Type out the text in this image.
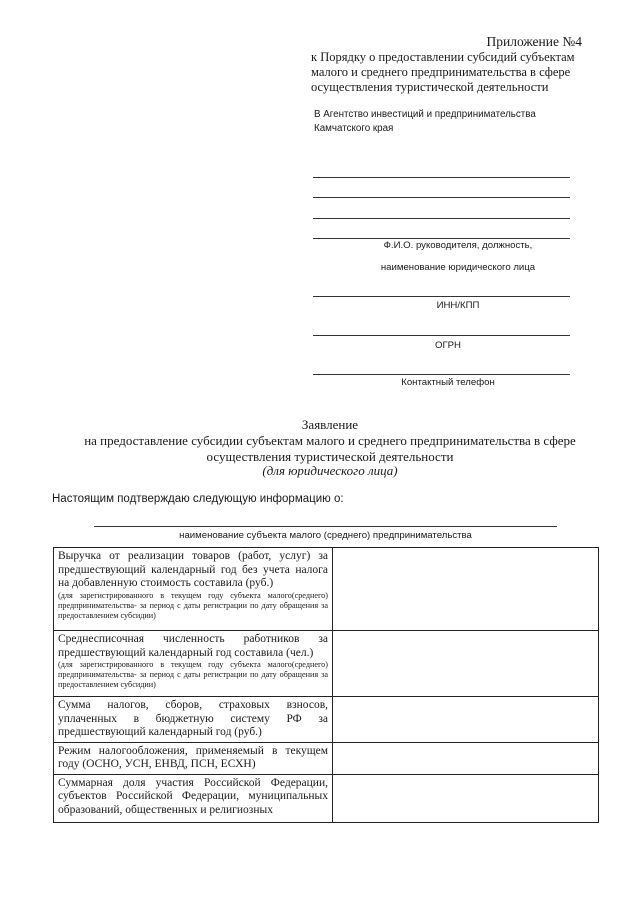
Приложение №4
к Порядку о предоставлении субсидий субъектам малого и среднего предпринимательства в сфере осуществления туристической деятельности
В Агентство инвестиций и предпринимательства Камчатского края
Ф.И.О. руководителя, должность,
наименование юридического лица
ИНН/КПП
ОГРН
Контактный телефон
Заявление
на предоставление субсидии субъектам малого и среднего предпринимательства в сфере
осуществления туристической деятельности
(для юридического лица)
Настоящим подтверждаю следующую информацию о:
наименование субъекта малого (среднего) предпринимательства
Выручка от реализации товаров (работ, услуг) за предшествующий календарный год без учета налога на добавленную стоимость составила (руб.)
(для зарегистрированного в текущем году субъекта малого(среднего) предпринимательства- за период с даты регистрации по дату обращения за предоставлением субсидии)	

Среднесписочная численность работников за предшествующий календарный год составила (чел.)
(для зарегистрированного в текущем году субъекта малого(среднего) предпринимательства- за период с даты регистрации по дату обращения за предоставлением субсидии)	

Сумма налогов, сборов, страховых взносов, уплаченных в бюджетную систему РФ за предшествующий календарный год (руб.)	

Режим налогообложения, применяемый в текущем году (ОСНО, УСН, ЕНВД, ПСН, ЕСХН)	

Суммарная доля участия Российской Федерации, субъектов Российской Федерации, муниципальных образований, общественных и религиозных	
